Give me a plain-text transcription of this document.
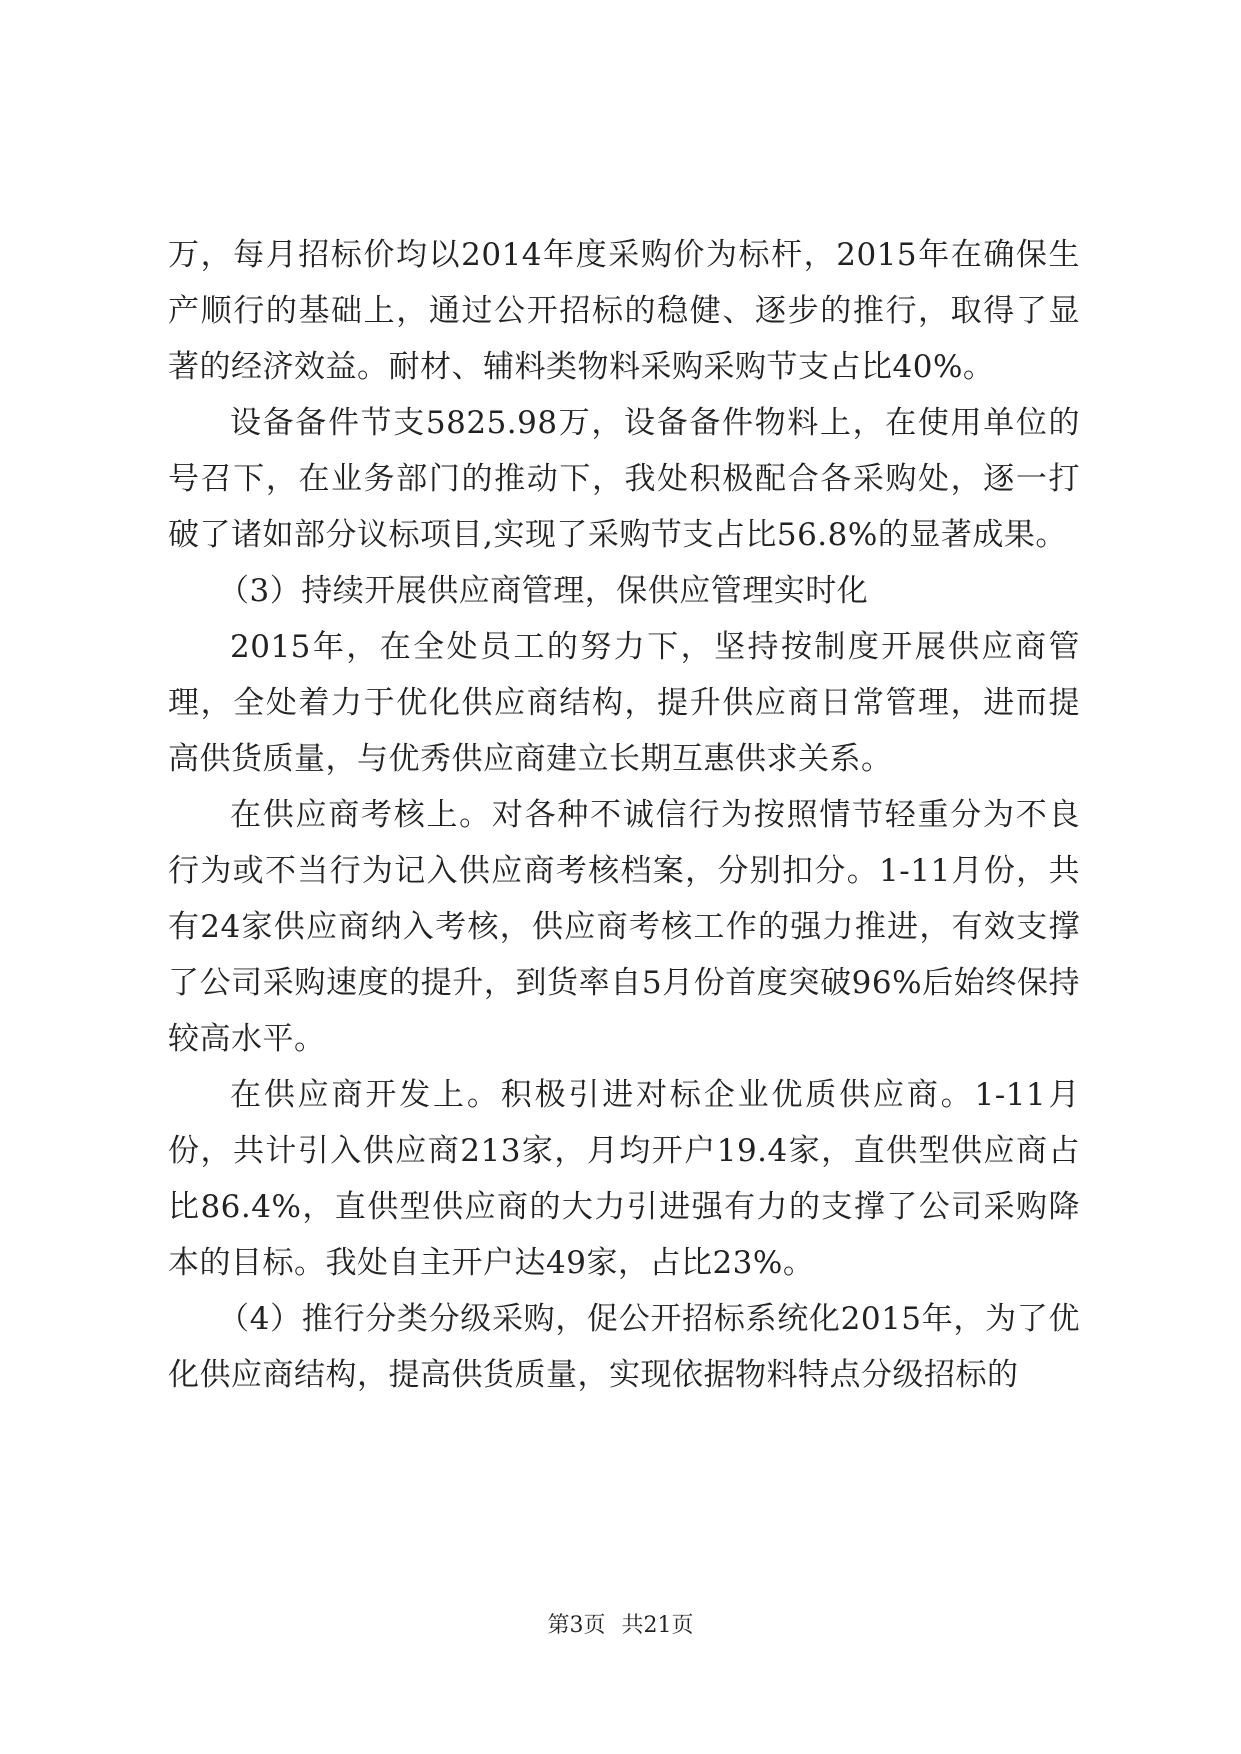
万，每月招标价均以2014年度采购价为标杆，2015年在确保生产顺行的基础上，通过公开招标的稳健、逐步的推行，取得了显著的经济效益。耐材、辅料类物料采购采购节支占比40%。

设备备件节支5825.98万，设备备件物料上，在使用单位的号召下，在业务部门的推动下，我处积极配合各采购处，逐一打破了诸如部分议标项目,实现了采购节支占比56.8%的显著成果。

（3）持续开展供应商管理，保供应管理实时化

2015年，在全处员工的努力下，坚持按制度开展供应商管理，全处着力于优化供应商结构，提升供应商日常管理，进而提高供货质量，与优秀供应商建立长期互惠供求关系。

在供应商考核上。对各种不诚信行为按照情节轻重分为不良行为或不当行为记入供应商考核档案，分别扣分。1-11月份，共有24家供应商纳入考核，供应商考核工作的强力推进，有效支撑了公司采购速度的提升，到货率自5月份首度突破96%后始终保持较高水平。

在供应商开发上。积极引进对标企业优质供应商。1-11月份，共计引入供应商213家，月均开户19.4家，直供型供应商占比86.4%，直供型供应商的大力引进强有力的支撑了公司采购降本的目标。我处自主开户达49家，占比23%。

（4）推行分类分级采购，促公开招标系统化2015年，为了优化供应商结构，提高供货质量，实现依据物料特点分级招标的

第3页 共21页
